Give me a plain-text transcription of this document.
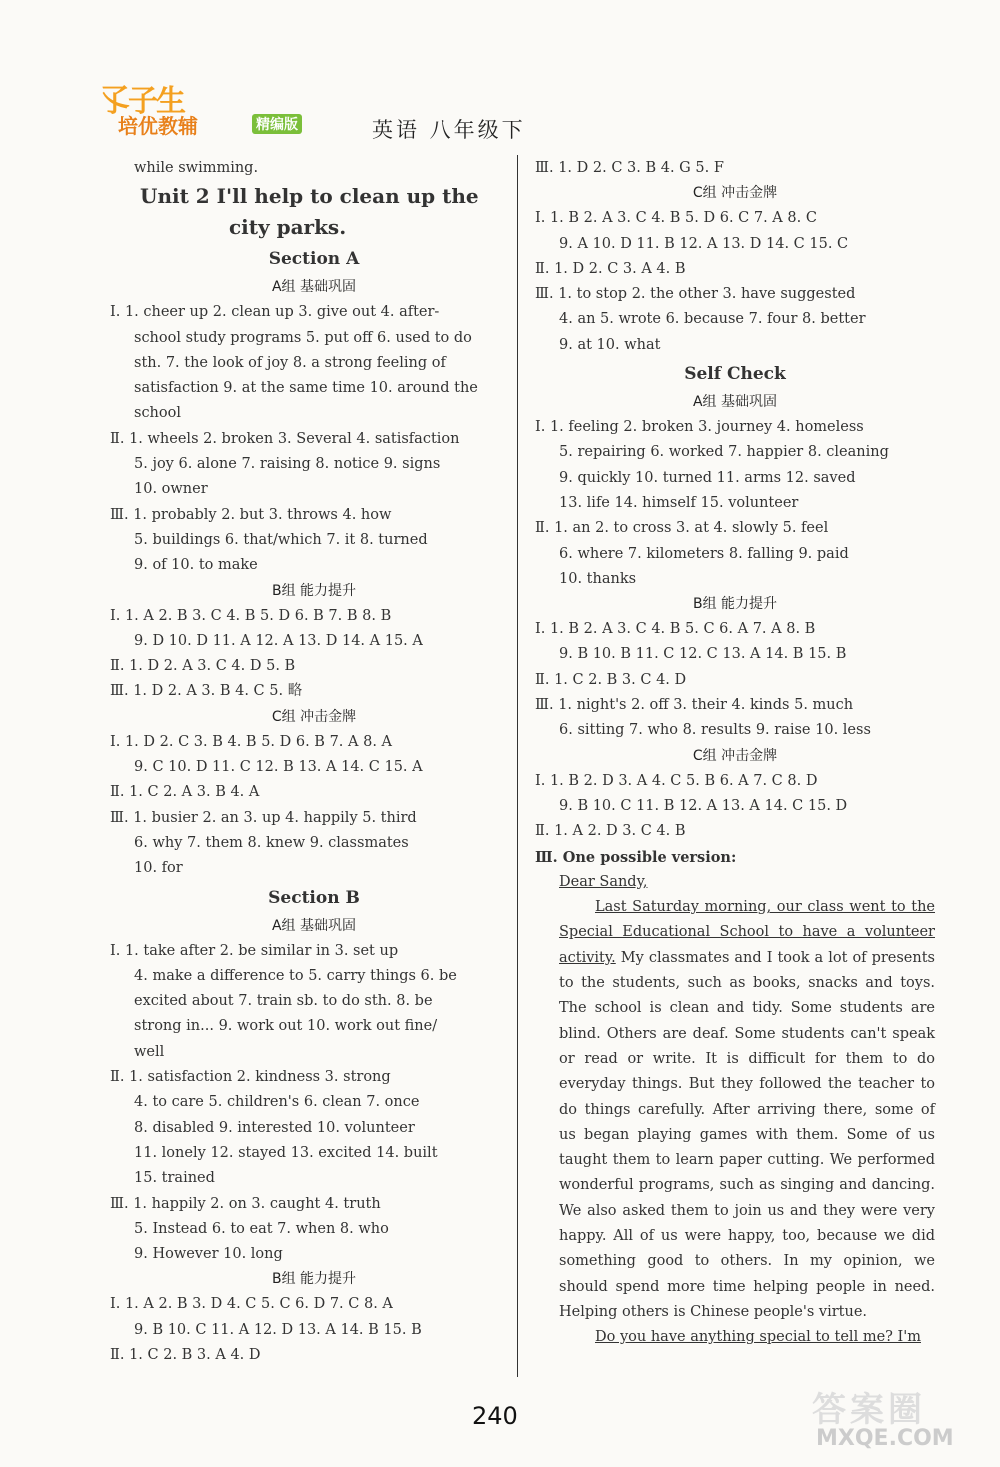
孓子生
培优教辅	精编版	英语 八年级下
while swimming.
Unit 2 I'll help to clean up the
city parks.
Section A
A组 基础巩固
Ⅰ. 1. cheer up 2. clean up 3. give out 4. after-
school study programs 5. put off 6. used to do
sth. 7. the look of joy 8. a strong feeling of
satisfaction 9. at the same time 10. around the
school
Ⅱ. 1. wheels 2. broken 3. Several 4. satisfaction
5. joy 6. alone 7. raising 8. notice 9. signs
10. owner
Ⅲ. 1. probably 2. but 3. throws 4. how
5. buildings 6. that/which 7. it 8. turned
9. of 10. to make
B组 能力提升
Ⅰ. 1. A 2. B 3. C 4. B 5. D 6. B 7. B 8. B
9. D 10. D 11. A 12. A 13. D 14. A 15. A
Ⅱ. 1. D 2. A 3. C 4. D 5. B
Ⅲ. 1. D 2. A 3. B 4. C 5. 略
C组 冲击金牌
Ⅰ. 1. D 2. C 3. B 4. B 5. D 6. B 7. A 8. A
9. C 10. D 11. C 12. B 13. A 14. C 15. A
Ⅱ. 1. C 2. A 3. B 4. A
Ⅲ. 1. busier 2. an 3. up 4. happily 5. third
6. why 7. them 8. knew 9. classmates
10. for
Section B
A组 基础巩固
Ⅰ. 1. take after 2. be similar in 3. set up
4. make a difference to 5. carry things 6. be
excited about 7. train sb. to do sth. 8. be
strong in... 9. work out 10. work out fine/
well
Ⅱ. 1. satisfaction 2. kindness 3. strong
4. to care 5. children's 6. clean 7. once
8. disabled 9. interested 10. volunteer
11. lonely 12. stayed 13. excited 14. built
15. trained
Ⅲ. 1. happily 2. on 3. caught 4. truth
5. Instead 6. to eat 7. when 8. who
9. However 10. long
B组 能力提升
Ⅰ. 1. A 2. B 3. D 4. C 5. C 6. D 7. C 8. A
9. B 10. C 11. A 12. D 13. A 14. B 15. B
Ⅱ. 1. C 2. B 3. A 4. D
Ⅲ. 1. D 2. C 3. B 4. G 5. F
C组 冲击金牌
Ⅰ. 1. B 2. A 3. C 4. B 5. D 6. C 7. A 8. C
9. A 10. D 11. B 12. A 13. D 14. C 15. C
Ⅱ. 1. D 2. C 3. A 4. B
Ⅲ. 1. to stop 2. the other 3. have suggested
4. an 5. wrote 6. because 7. four 8. better
9. at 10. what
Self Check
A组 基础巩固
Ⅰ. 1. feeling 2. broken 3. journey 4. homeless
5. repairing 6. worked 7. happier 8. cleaning
9. quickly 10. turned 11. arms 12. saved
13. life 14. himself 15. volunteer
Ⅱ. 1. an 2. to cross 3. at 4. slowly 5. feel
6. where 7. kilometers 8. falling 9. paid
10. thanks
B组 能力提升
Ⅰ. 1. B 2. A 3. C 4. B 5. C 6. A 7. A 8. B
9. B 10. B 11. C 12. C 13. A 14. B 15. B
Ⅱ. 1. C 2. B 3. C 4. D
Ⅲ. 1. night's 2. off 3. their 4. kinds 5. much
6. sitting 7. who 8. results 9. raise 10. less
C组 冲击金牌
Ⅰ. 1. B 2. D 3. A 4. C 5. B 6. A 7. C 8. D
9. B 10. C 11. B 12. A 13. A 14. C 15. D
Ⅱ. 1. A 2. D 3. C 4. B
Ⅲ. One possible version:
Dear Sandy,
Last Saturday morning, our class went to the Special Educational School to have a volunteer activity. My classmates and I took a lot of presents to the students, such as books, snacks and toys. The school is clean and tidy. Some students are blind. Others are deaf. Some students can't speak or read or write. It is difficult for them to do everyday things. But they followed the teacher to do things carefully. After arriving there, some of us began playing games with them. Some of us taught them to learn paper cutting. We performed wonderful programs, such as singing and dancing. We also asked them to join us and they were very happy. All of us were happy, too, because we did something good to others. In my opinion, we should spend more time helping people in need. Helping others is Chinese people's virtue.
Do you have anything special to tell me? I'm
240	答案圈
MXQE.COM
